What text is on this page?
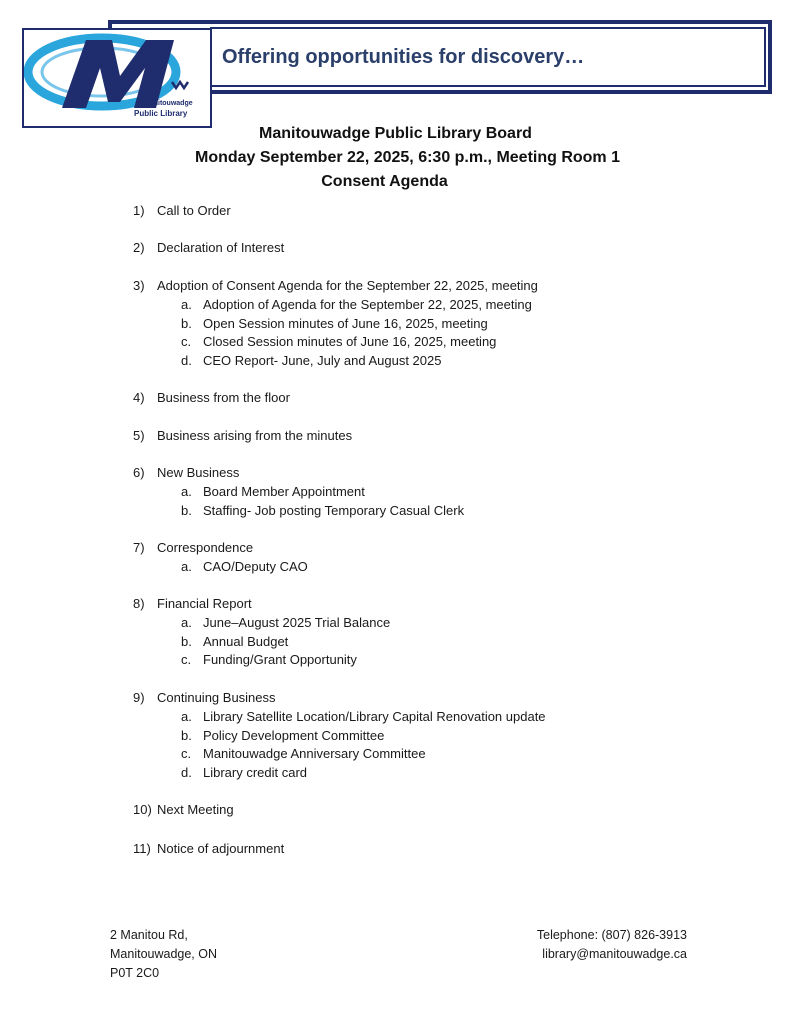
Offering opportunities for discovery…
Manitouwadge
Public Library
Manitouwadge Public Library Board
Monday September 22, 2025, 6:30 p.m., Meeting Room 1
Consent Agenda
1) Call to Order
2) Declaration of Interest
3) Adoption of Consent Agenda for the September 22, 2025, meeting
a. Adoption of Agenda for the September 22, 2025, meeting
b. Open Session minutes of June 16, 2025, meeting
c. Closed Session minutes of June 16, 2025, meeting
d. CEO Report- June, July and August 2025
4) Business from the floor
5) Business arising from the minutes
6) New Business
a. Board Member Appointment
b. Staffing- Job posting Temporary Casual Clerk
7) Correspondence
a. CAO/Deputy CAO
8) Financial Report
a. June–August 2025 Trial Balance
b. Annual Budget
c. Funding/Grant Opportunity
9) Continuing Business
a. Library Satellite Location/Library Capital Renovation update
b. Policy Development Committee
c. Manitouwadge Anniversary Committee
d. Library credit card
10) Next Meeting
11) Notice of adjournment
2 Manitou Rd,
Manitouwadge, ON
P0T 2C0
Telephone: (807) 826-3913
library@manitouwadge.ca
